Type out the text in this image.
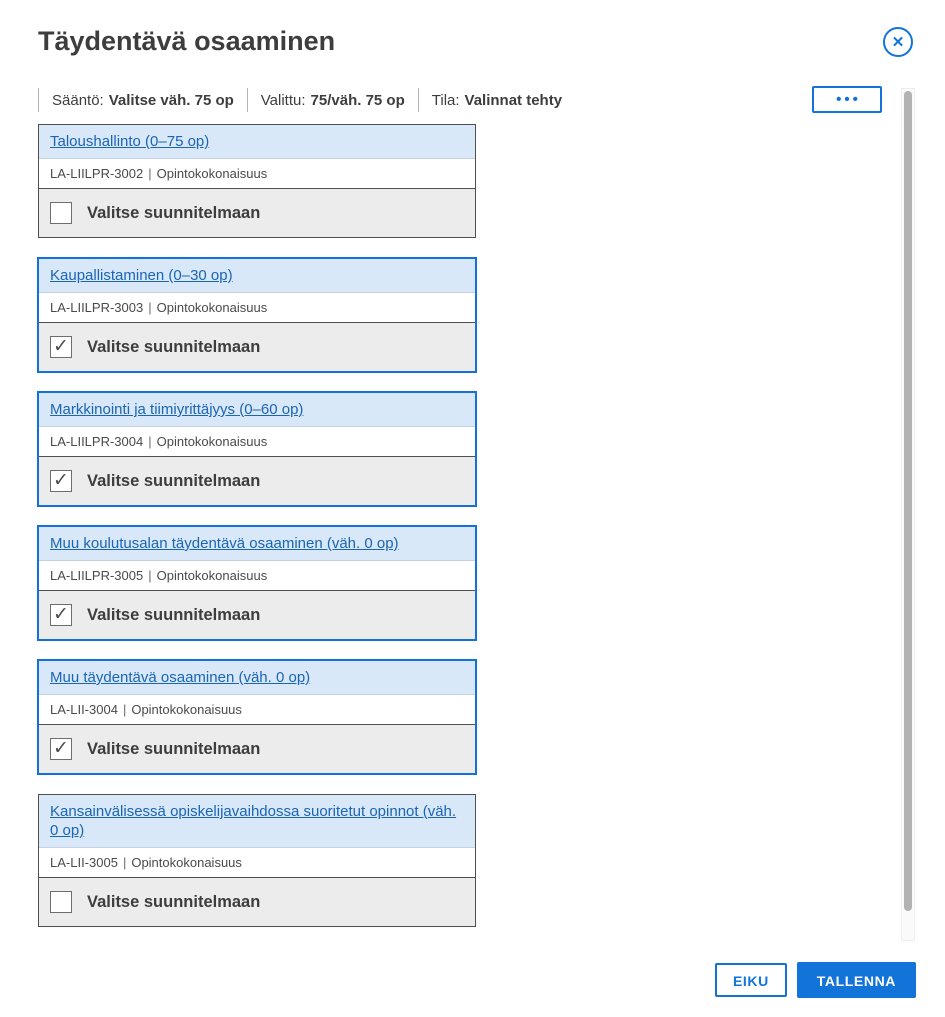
Täydentävä osaaminen	✕
Sääntö: Valitse väh. 75 op Valittu: 75/väh. 75 op Tila: Valinnat tehty	•••
Taloushallinto (0–75 op)
LA-LIILPR-3002 | Opintokokonaisuus
Valitse suunnitelmaan
Kaupallistaminen (0–30 op)
LA-LIILPR-3003 | Opintokokonaisuus
✓ Valitse suunnitelmaan
Markkinointi ja tiimiyrittäjyys (0–60 op)
LA-LIILPR-3004 | Opintokokonaisuus
✓ Valitse suunnitelmaan
Muu koulutusalan täydentävä osaaminen (väh. 0 op)
LA-LIILPR-3005 | Opintokokonaisuus
✓ Valitse suunnitelmaan
Muu täydentävä osaaminen (väh. 0 op)
LA-LII-3004 | Opintokokonaisuus
✓ Valitse suunnitelmaan
Kansainvälisessä opiskelijavaihdossa suoritetut opinnot (väh. 0 op)
LA-LII-3005 | Opintokokonaisuus
Valitse suunnitelmaan
EIKU	TALLENNA
